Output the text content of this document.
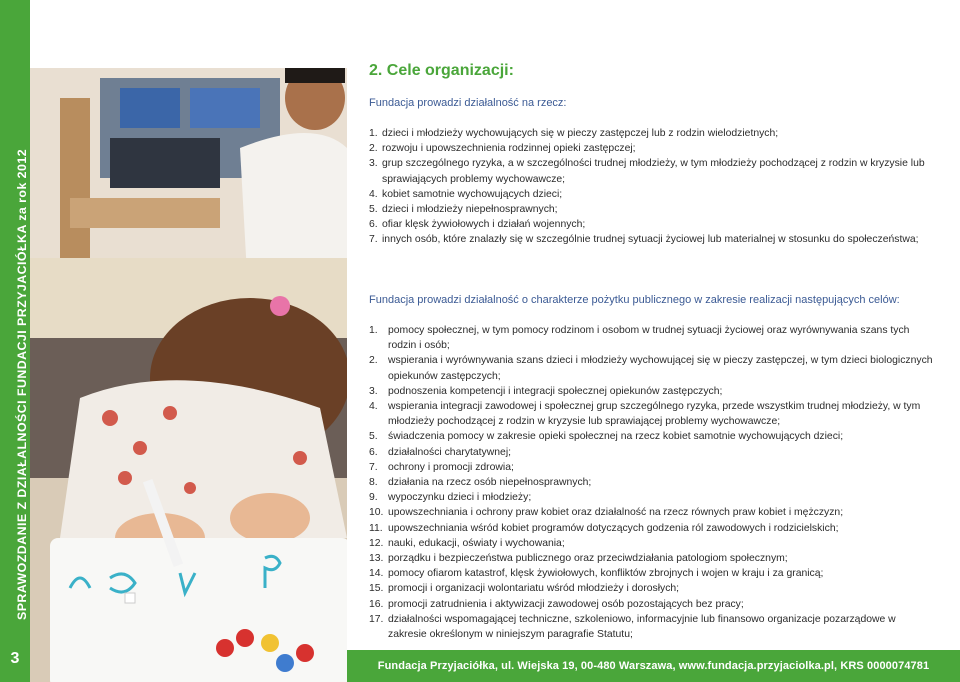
SPRAWOZDANIE Z DZIAŁALNOŚCI FUNDACJI PRZYJACIÓŁKA za rok 2012
3
2. Cele organizacji:

Fundacja prowadzi działalność na rzecz:

1. dzieci i młodzieży wychowujących się w pieczy zastępczej lub z rodzin wielodzietnych;
2. rozwoju i upowszechnienia rodzinnej opieki zastępczej;
3. grup szczególnego ryzyka, a w szczególności trudnej młodzieży, w tym młodzieży pochodzącej z rodzin w kryzysie lub sprawiających problemy wychowawcze;
4. kobiet samotnie wychowujących dzieci;
5. dzieci i młodzieży niepełnosprawnych;
6. ofiar klęsk żywiołowych i działań wojennych;
7. innych osób, które znalazły się w szczególnie trudnej sytuacji życiowej lub materialnej w stosunku do społeczeństwa;

Fundacja prowadzi działalność o charakterze pożytku publicznego w zakresie realizacji następujących celów:

1. pomocy społecznej, w tym pomocy rodzinom i osobom w trudnej sytuacji życiowej oraz wyrównywania szans tych rodzin i osób;
2. wspierania i wyrównywania szans dzieci i młodzieży wychowującej się w pieczy zastępczej, w tym dzieci biologicznych opiekunów zastępczych;
3. podnoszenia kompetencji i integracji społecznej opiekunów zastępczych;
4. wspierania integracji zawodowej i społecznej grup szczególnego ryzyka, przede wszystkim trudnej młodzieży, w tym młodzieży pochodzącej z rodzin w kryzysie lub sprawiającej problemy wychowawcze;
5. świadczenia pomocy w zakresie opieki społecznej na rzecz kobiet samotnie wychowujących dzieci;
6. działalności charytatywnej;
7. ochrony i promocji zdrowia;
8. działania na rzecz osób niepełnosprawnych;
9. wypoczynku dzieci i młodzieży;
10. upowszechniania i ochrony praw kobiet oraz działalność na rzecz równych praw kobiet i mężczyzn;
11. upowszechniania wśród kobiet programów dotyczących godzenia ról zawodowych i rodzicielskich;
12. nauki, edukacji, oświaty i wychowania;
13. porządku i bezpieczeństwa publicznego oraz przeciwdziałania patologiom społecznym;
14. pomocy ofiarom katastrof, klęsk żywiołowych, konfliktów zbrojnych i wojen w kraju i za granicą;
15. promocji i organizacji wolontariatu wśród młodzieży i dorosłych;
16. promocji zatrudnienia i aktywizacji zawodowej osób pozostających bez pracy;
17. działalności wspomagającej techniczne, szkoleniowo, informacyjnie lub finansowo organizacje pozarządowe w zakresie określonym w niniejszym paragrafie Statutu;
Fundacja Przyjaciółka, ul. Wiejska 19, 00-480 Warszawa, www.fundacja.przyjaciolka.pl, KRS 0000074781
